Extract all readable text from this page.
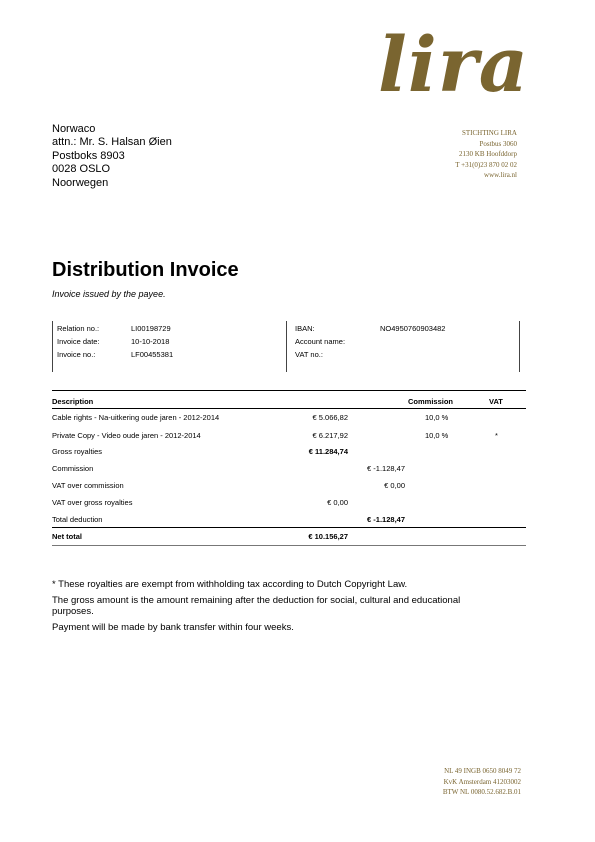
lira
Norwaco
attn.: Mr. S. Halsan Øien
Postboks 8903
0028 OSLO
Noorwegen
STICHTING LIRA
Postbus 3060
2130 KB Hoofddorp
T +31(0)23 870 02 02
www.lira.nl
Distribution Invoice
Invoice issued by the payee.
Relation no.:	LI00198729
Invoice date:	10-10-2018
Invoice no.:	LF00455381
IBAN:	NO4950760903482
Account name:
VAT no.:
Description	Commission	VAT
Cable rights - Na-uitkering oude jaren - 2012-2014	€ 5.066,82	10,0 %
Private Copy - Video oude jaren - 2012-2014	€ 6.217,92	10,0 %	*
Gross royalties	€ 11.284,74
Commission	€ -1.128,47
VAT over commission	€ 0,00
VAT over gross royalties	€ 0,00
Total deduction	€ -1.128,47
Net total	€ 10.156,27

* These royalties are exempt from withholding tax according to Dutch Copyright Law.

The gross amount is the amount remaining after the deduction for social, cultural and educational purposes.

Payment will be made by bank transfer within four weeks.

NL 49 INGB 0650 8049 72
KvK Amsterdam 41203002
BTW NL 0080.52.682.B.01
